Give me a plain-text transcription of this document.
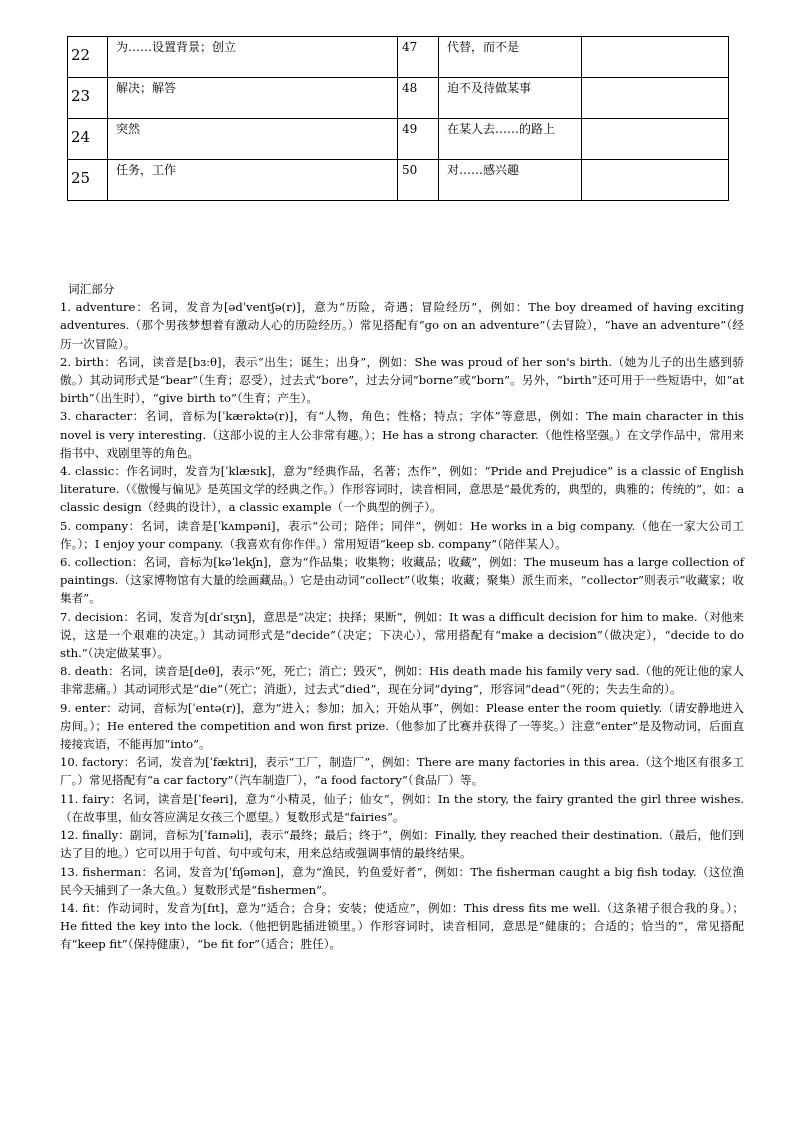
22	为……设置背景；创立	47	代替，而不是	
23	解决；解答	48	迫不及待做某事	
24	突然	49	在某人去……的路上	
25	任务，工作	50	对……感兴趣	

词汇部分

1. adventure：名词，发音为[ədˈventʃə(r)]，意为“历险，奇遇；冒险经历”，例如：The boy dreamed of having exciting adventures.（那个男孩梦想着有激动人心的历险经历。）常见搭配有“go on an adventure”（去冒险），“have an adventure”（经历一次冒险）。

2. birth：名词，读音是[bɜːθ]，表示“出生；诞生；出身”，例如：She was proud of her son's birth.（她为儿子的出生感到骄傲。）其动词形式是“bear”（生育；忍受），过去式“bore”，过去分词“borne”或“born”。另外，“birth”还可用于一些短语中，如“at birth”（出生时），“give birth to”（生育；产生）。

3. character：名词，音标为[ˈkærəktə(r)]，有“人物，角色；性格；特点；字体”等意思，例如：The main character in this novel is very interesting.（这部小说的主人公非常有趣。）；He has a strong character.（他性格坚强。）在文学作品中，常用来指书中、戏剧里等的角色。

4. classic：作名词时，发音为[ˈklæsɪk]，意为“经典作品，名著；杰作”，例如：“Pride and Prejudice” is a classic of English literature.（《傲慢与偏见》是英国文学的经典之作。）作形容词时，读音相同，意思是“最优秀的，典型的，典雅的；传统的”，如：a classic design（经典的设计），a classic example（一个典型的例子）。

5. company：名词，读音是[ˈkʌmpəni]，表示“公司；陪伴；同伴”，例如：He works in a big company.（他在一家大公司工作。）；I enjoy your company.（我喜欢有你作伴。）常用短语“keep sb. company”（陪伴某人）。

6. collection：名词，音标为[kəˈlekʃn]，意为“作品集；收集物；收藏品；收藏”，例如：The museum has a large collection of paintings.（这家博物馆有大量的绘画藏品。）它是由动词“collect”（收集；收藏；聚集）派生而来，“collector”则表示“收藏家；收集者”。

7. decision：名词，发音为[dɪˈsɪʒn]，意思是“决定；抉择；果断”，例如：It was a difficult decision for him to make.（对他来说，这是一个艰难的决定。）其动词形式是“decide”（决定；下决心），常用搭配有“make a decision”（做决定），“decide to do sth.”（决定做某事）。

8. death：名词，读音是[deθ]，表示“死，死亡；消亡；毁灭”，例如：His death made his family very sad.（他的死让他的家人非常悲痛。）其动词形式是“die”（死亡；消逝），过去式“died”，现在分词“dying”，形容词“dead”（死的；失去生命的）。

9. enter：动词，音标为[ˈentə(r)]，意为“进入；参加；加入；开始从事”，例如：Please enter the room quietly.（请安静地进入房间。）；He entered the competition and won first prize.（他参加了比赛并获得了一等奖。）注意“enter”是及物动词，后面直接接宾语，不能再加“into”。

10. factory：名词，发音为[ˈfæktri]，表示“工厂，制造厂”，例如：There are many factories in this area.（这个地区有很多工厂。）常见搭配有“a car factory”（汽车制造厂），“a food factory”（食品厂）等。

11. fairy：名词，读音是[ˈfeəri]，意为“小精灵，仙子；仙女”，例如：In the story, the fairy granted the girl three wishes.（在故事里，仙女答应满足女孩三个愿望。）复数形式是“fairies”。

12. finally：副词，音标为[ˈfaɪnəli]，表示“最终；最后；终于”，例如：Finally, they reached their destination.（最后，他们到达了目的地。）它可以用于句首、句中或句末，用来总结或强调事情的最终结果。

13. fisherman：名词，发音为[ˈfɪʃəmən]，意为“渔民，钓鱼爱好者”，例如：The fisherman caught a big fish today.（这位渔民今天捕到了一条大鱼。）复数形式是“fishermen”。

14. fit：作动词时，发音为[fɪt]，意为“适合；合身；安装；使适应”，例如：This dress fits me well.（这条裙子很合我的身。）；He fitted the key into the lock.（他把钥匙插进锁里。）作形容词时，读音相同，意思是“健康的；合适的；恰当的”，常见搭配有“keep fit”（保持健康），“be fit for”（适合；胜任）。
